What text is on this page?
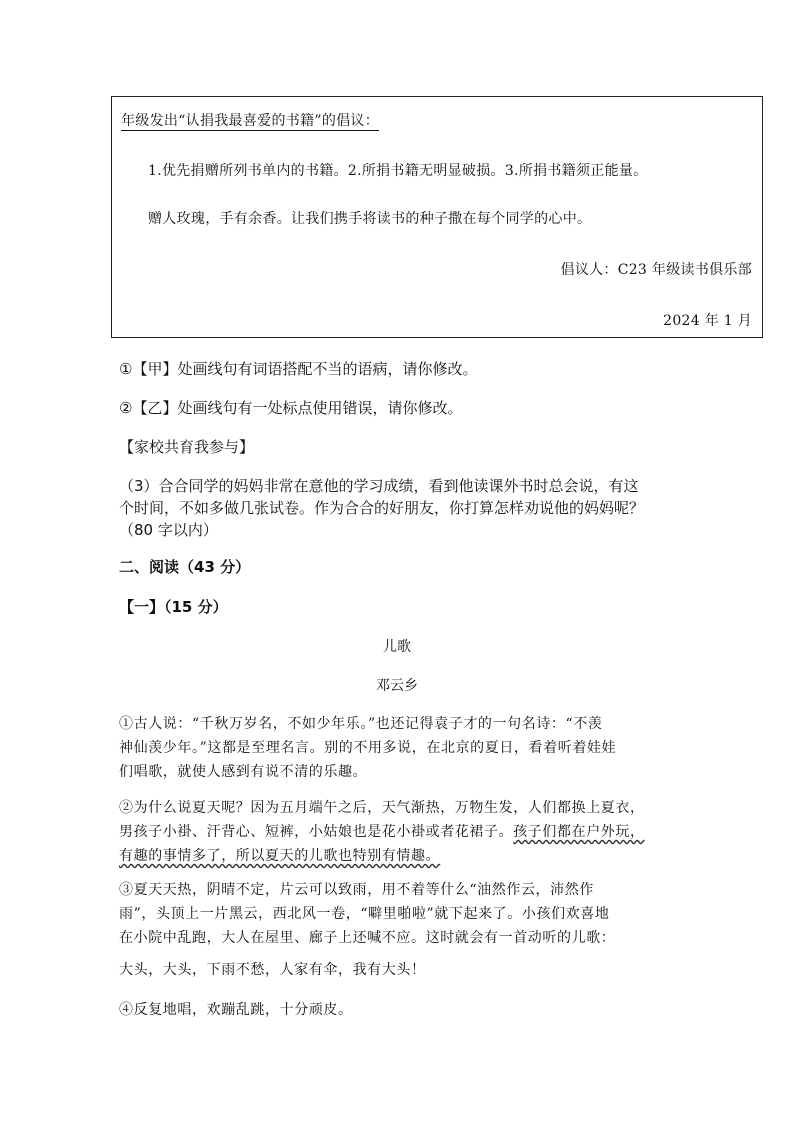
年级发出“认捐我最喜爱的书籍”的倡议：
1.优先捐赠所列书单内的书籍。2.所捐书籍无明显破损。3.所捐书籍须正能量。
赠人玫瑰，手有余香。让我们携手将读书的种子撒在每个同学的心中。
倡议人：C23 年级读书俱乐部
2024 年 1 月
①【甲】处画线句有词语搭配不当的语病，请你修改。
②【乙】处画线句有一处标点使用错误，请你修改。
【家校共育我参与】
（3）合合同学的妈妈非常在意他的学习成绩，看到他读课外书时总会说，有这
个时间，不如多做几张试卷。作为合合的好朋友，你打算怎样劝说他的妈妈呢？
（80 字以内）
二、阅读（43 分）
【一】（15 分）
儿歌
邓云乡
①古人说：“千秋万岁名，不如少年乐。”也还记得袁子才的一句名诗：“不羡
神仙羡少年。”这都是至理名言。别的不用多说，在北京的夏日，看着听着娃娃
们唱歌，就使人感到有说不清的乐趣。
②为什么说夏天呢？因为五月端午之后，天气渐热，万物生发，人们都换上夏衣，
男孩子小褂、汗背心、短裤，小姑娘也是花小褂或者花裙子。孩子们都在户外玩，
有趣的事情多了，所以夏天的儿歌也特别有情趣。
③夏天天热，阴晴不定，片云可以致雨，用不着等什么“油然作云，沛然作
雨”，头顶上一片黑云，西北风一卷，“噼里啪啦”就下起来了。小孩们欢喜地
在小院中乱跑，大人在屋里、廊子上还喊不应。这时就会有一首动听的儿歌：
大头，大头，下雨不愁，人家有伞，我有大头！
④反复地唱，欢蹦乱跳，十分顽皮。
